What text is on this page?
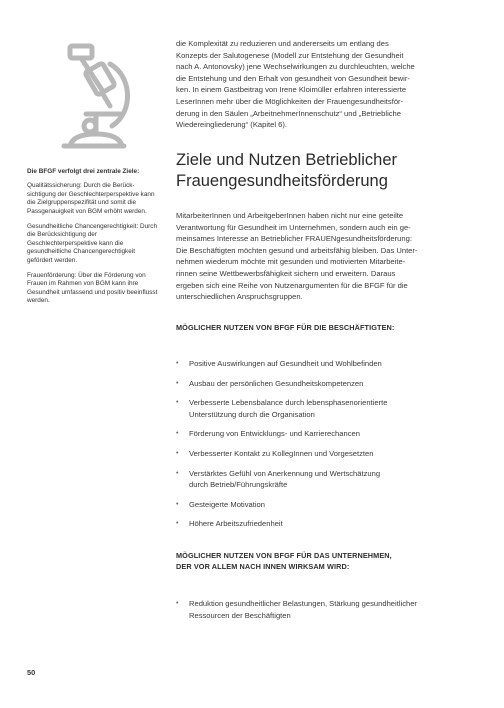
Die BFGF verfolgt drei zentrale Ziele:

Qualitätssicherung: Durch die Berücksichtigung der Geschlechterperspektive kann die Zielgruppenspezifität und somit die Passgenauigkeit von BGM erhöht werden.

Gesundheitliche Chancengerechtigkeit: Durch die Berücksichtigung der Geschlechterperspektive kann die gesundheitliche Chancengerechtigkeit gefördert werden.

Frauenförderung: Über die Förderung von Frauen im Rahmen von BGM kann ihre Gesundheit umfassend und positiv beeinflusst werden.

die Komplexität zu reduzieren und andererseits um entlang des
Konzepts der Salutogenese (Modell zur Entstehung der Gesundheit
nach A. Antonovsky) jene Wechselwirkungen zu durchleuchten, welche
die Entstehung und den Erhalt von gesundheit von Gesundheit bewir-
ken. In einem Gastbeitrag von Irene Kloimüller erfahren interessierte
LeserInnen mehr über die Möglichkeiten der Frauengesundheitsför-
derung in den Säulen „ArbeitnehmerInnenschutz“ und „Betriebliche
Wiedereingliederung“ (Kapitel 6).

Ziele und Nutzen Betrieblicher
Frauengesundheitsförderung

MitarbeiterInnen und ArbeitgeberInnen haben nicht nur eine geteilte
Verantwortung für Gesundheit im Unternehmen, sondern auch ein ge-
meinsames Interesse an Betrieblicher FRAUENgesundheitsförderung:
Die Beschäftigten möchten gesund und arbeitsfähig bleiben. Das Unter-
nehmen wiederum möchte mit gesunden und motivierten Mitarbeite-
rinnen seine Wettbewerbsfähigkeit sichern und erweitern. Daraus
ergeben sich eine Reihe von Nutzenargumenten für die BFGF für die
unterschiedlichen Anspruchsgruppen.

MÖGLICHER NUTZEN VON BFGF FÜR DIE BESCHÄFTIGTEN:
• Positive Auswirkungen auf Gesundheit und Wohlbefinden
• Ausbau der persönlichen Gesundheitskompetenzen
• Verbesserte Lebensbalance durch lebensphasenorientierte
Unterstützung durch die Organisation
• Förderung von Entwicklungs- und Karrierechancen
• Verbesserter Kontakt zu KollegInnen und Vorgesetzten
• Verstärktes Gefühl von Anerkennung und Wertschätzung
durch Betrieb/Führungskräfte
• Gesteigerte Motivation
• Höhere Arbeitszufriedenheit
MÖGLICHER NUTZEN VON BFGF FÜR DAS UNTERNEHMEN,
DER VOR ALLEM NACH INNEN WIRKSAM WIRD:
• Reduktion gesundheitlicher Belastungen, Stärkung gesundheitlicher
Ressourcen der Beschäftigten
50
